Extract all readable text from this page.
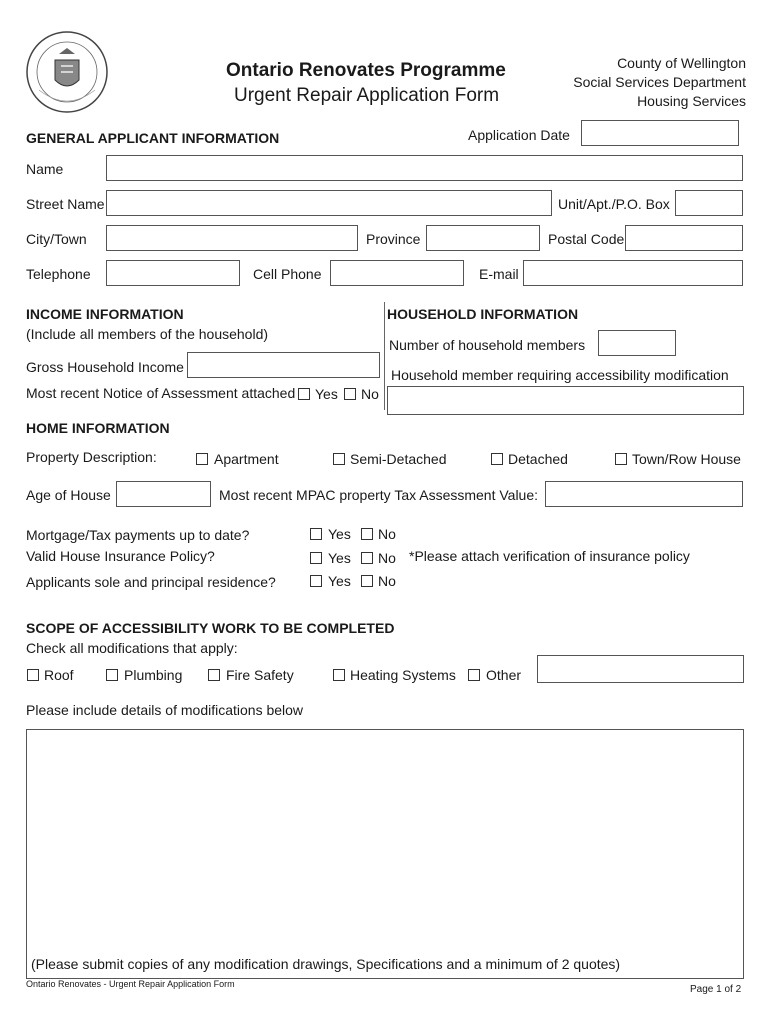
Ontario Renovates Programme
Urgent Repair Application Form
County of Wellington
Social Services Department
Housing Services
GENERAL APPLICANT INFORMATION	Application Date
Name
Street Name	Unit/Apt./P.O. Box
City/Town	Province	Postal Code
Telephone	Cell Phone	E-mail
INCOME INFORMATION
(Include all members of the household)
Gross Household Income
Most recent Notice of Assessment attached Yes No
HOUSEHOLD INFORMATION
Number of household members
Household member requiring accessibility modification
HOME INFORMATION
Property Description:	Apartment	Semi-Detached	Detached	Town/Row House
Age of House	Most recent MPAC property Tax Assessment Value:
Mortgage/Tax payments up to date?	Yes No
Valid House Insurance Policy?	Yes No *Please attach verification of insurance policy
Applicants sole and principal residence?	Yes No
SCOPE OF ACCESSIBILITY WORK TO BE COMPLETED
Check all modifications that apply:
Roof	Plumbing	Fire Safety	Heating Systems Other
Please include details of modifications below
(Please submit copies of any modification drawings, Specifications and a minimum of 2 quotes)
Ontario Renovates - Urgent Repair Application Form	Page 1 of 2
